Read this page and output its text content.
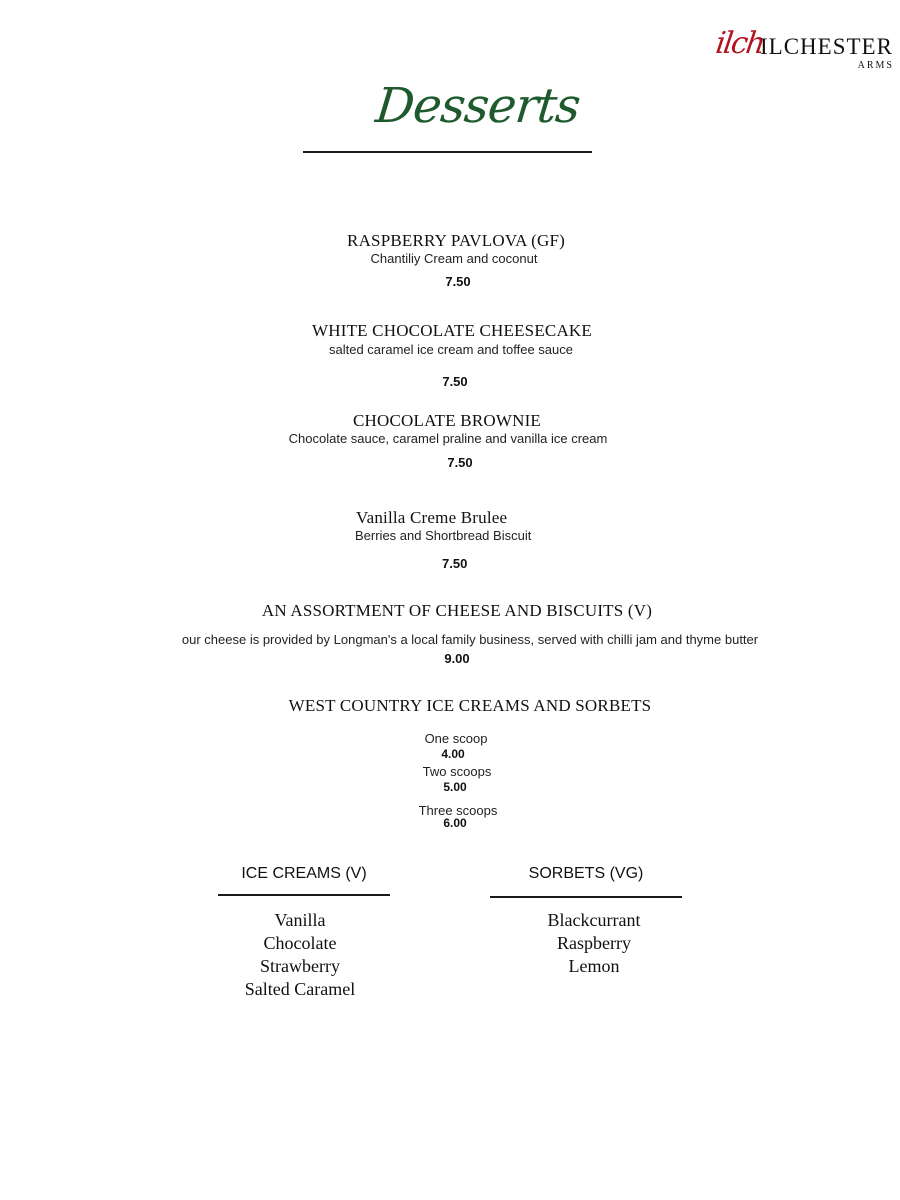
ilch
ILCHESTER
ARMS
Desserts
RASPBERRY PAVLOVA (GF)
Chantiliy Cream and coconut
7.50
WHITE CHOCOLATE CHEESECAKE
salted caramel ice cream and toffee sauce
7.50
CHOCOLATE BROWNIE
Chocolate sauce, caramel praline and vanilla ice cream
7.50
Vanilla Creme Brulee
Berries and Shortbread Biscuit
7.50
AN ASSORTMENT OF CHEESE AND BISCUITS (V)
our cheese is provided by Longman's a local family business, served with chilli jam and thyme butter
9.00
WEST COUNTRY ICE CREAMS AND SORBETS
One scoop
4.00
Two scoops
5.00
Three scoops
6.00
ICE CREAMS (V)
Vanilla
Chocolate
Strawberry
Salted Caramel
SORBETS (VG)
Blackcurrant
Raspberry
Lemon
